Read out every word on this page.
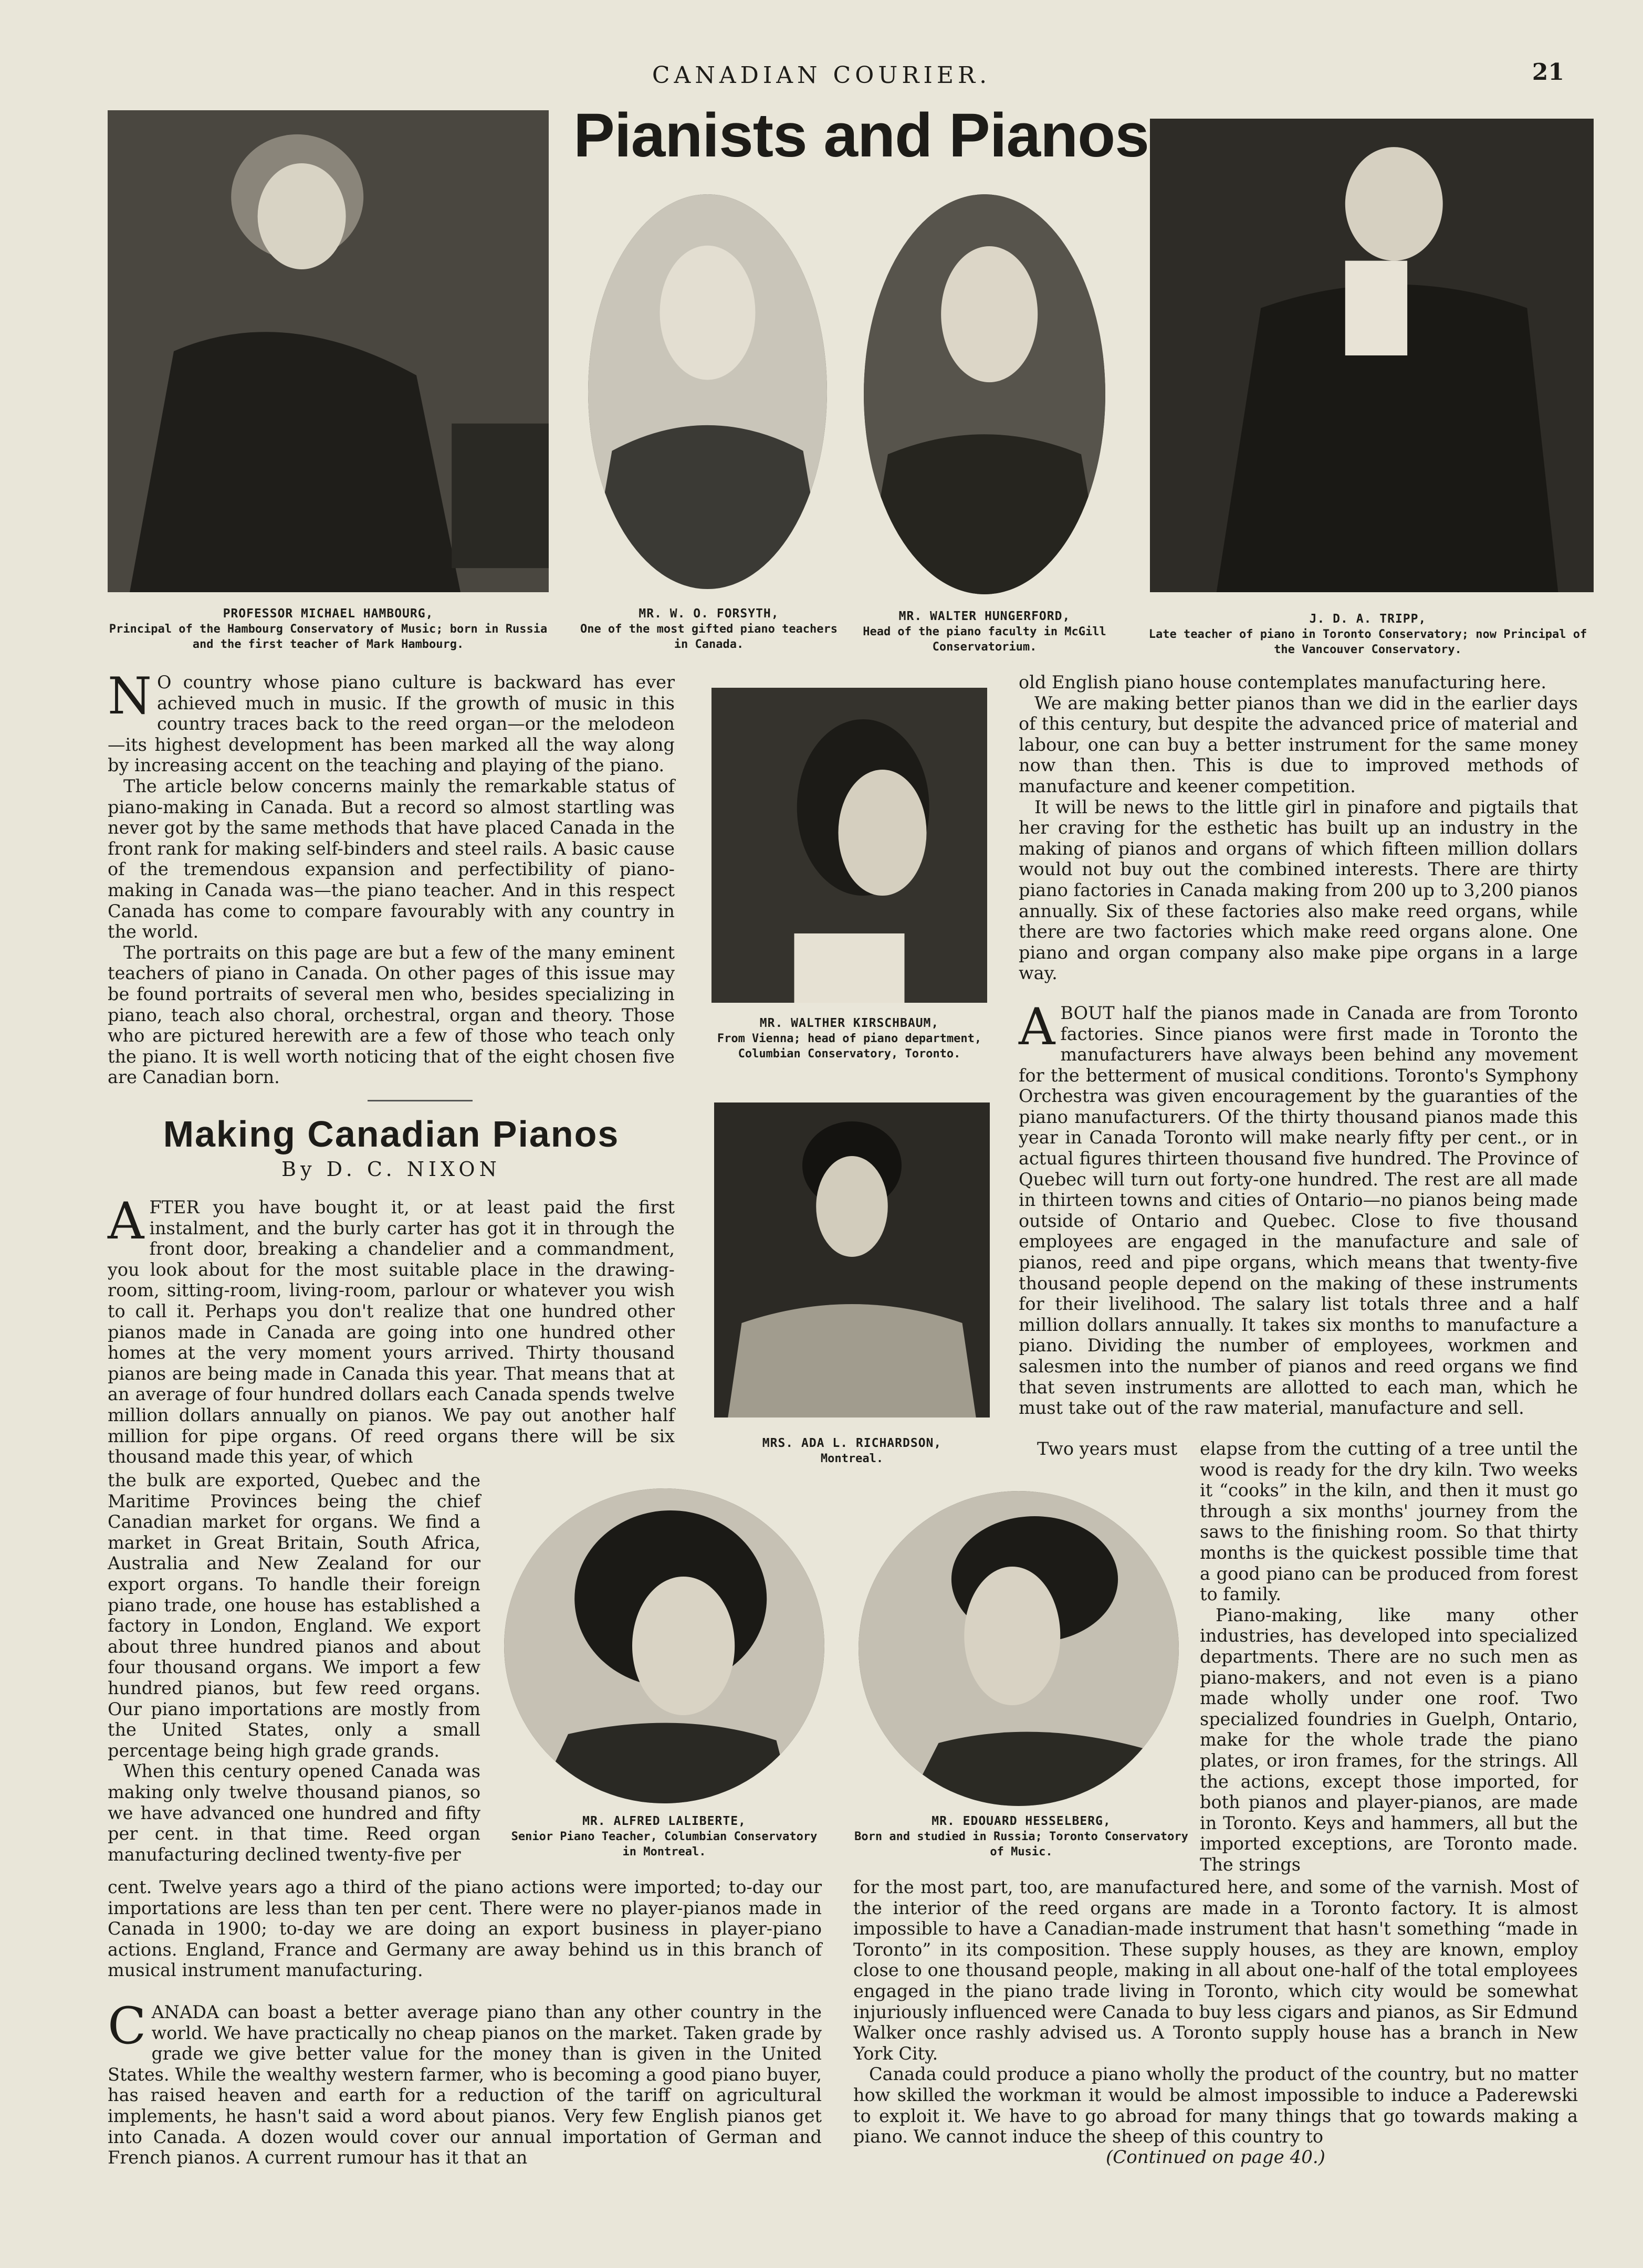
CANADIAN COURIER.	21
Pianists and Pianos
PROFESSOR MICHAEL HAMBOURG,
Principal of the Hambourg Conservatory of Music; born in Russia and the first teacher of Mark Hambourg.
MR. W. O. FORSYTH,
One of the most gifted piano teachers in Canada.
MR. WALTER HUNGERFORD,
Head of the piano faculty in McGill Conservatorium.
J. D. A. TRIPP,
Late teacher of piano in Toronto Conservatory; now Principal of the Vancouver Conservatory.

N O country whose piano culture is backward has ever achieved much in music. If the growth of music in this country traces back to the reed organ—or the melodeon—its highest development has been marked all the way along by increasing accent on the teaching and playing of the piano.

The article below concerns mainly the remarkable status of piano-making in Canada. But a record so almost startling was never got by the same methods that have placed Canada in the front rank for making self-binders and steel rails. A basic cause of the tremendous expansion and perfectibility of piano-making in Canada was—the piano teacher. And in this respect Canada has come to compare favourably with any country in the world.

The portraits on this page are but a few of the many eminent teachers of piano in Canada. On other pages of this issue may be found portraits of several men who, besides specializing in piano, teach also choral, orchestral, organ and theory. Those who are pictured herewith are a few of those who teach only the piano. It is well worth noticing that of the eight chosen five are Canadian born.

Making Canadian Pianos
By D. C. NIXON

AFTER you have bought it, or at least paid the first instalment, and the burly carter has got it in through the front door, breaking a chandelier and a commandment, you look about for the most suitable place in the drawing-room, sitting-room, living-room, parlour or whatever you wish to call it. Perhaps you don't realize that one hundred other pianos made in Canada are going into one hundred other homes at the very moment yours arrived. Thirty thousand pianos are being made in Canada this year. That means that at an average of four hundred dollars each Canada spends twelve million dollars annually on pianos. We pay out another half million for pipe organs. Of reed organs there will be six thousand made this year, of which

the bulk are exported, Quebec and the Maritime Provinces being the chief Canadian market for organs. We find a market in Great Britain, South Africa, Australia and New Zealand for our export organs. To handle their foreign piano trade, one house has established a factory in London, England. We export about three hundred pianos and about four thousand organs. We import a few hundred pianos, but few reed organs. Our piano importations are mostly from the United States, only a small percentage being high grade grands.

When this century opened Canada was making only twelve thousand pianos, so we have advanced one hundred and fifty per cent. in that time. Reed organ manufacturing declined twenty-five per

cent. Twelve years ago a third of the piano actions were imported; to-day our importations are less than ten per cent. There were no player-pianos made in Canada in 1900; to-day we are doing an export business in player-piano actions. England, France and Germany are away behind us in this branch of musical instrument manufacturing.

CANADA can boast a better average piano than any other country in the world. We have practically no cheap pianos on the market. Taken grade by grade we give better value for the money than is given in the United States. While the wealthy western farmer, who is becoming a good piano buyer, has raised heaven and earth for a reduction of the tariff on agricultural implements, he hasn't said a word about pianos. Very few English pianos get into Canada. A dozen would cover our annual importation of German and French pianos. A current rumour has it that an

MR. WALTHER KIRSCHBAUM,
From Vienna; head of piano department, Columbian Conservatory, Toronto.
MRS. ADA L. RICHARDSON,
Montreal.
MR. ALFRED LALIBERTE,
Senior Piano Teacher, Columbian Conservatory in Montreal.
MR. EDOUARD HESSELBERG,
Born and studied in Russia; Toronto Conservatory of Music.

old English piano house contemplates manufacturing here.

We are making better pianos than we did in the earlier days of this century, but despite the advanced price of material and labour, one can buy a better instrument for the same money now than then. This is due to improved methods of manufacture and keener competition.

It will be news to the little girl in pinafore and pigtails that her craving for the esthetic has built up an industry in the making of pianos and organs of which fifteen million dollars would not buy out the combined interests. There are thirty piano factories in Canada making from 200 up to 3,200 pianos annually. Six of these factories also make reed organs, while there are two factories which make reed organs alone. One piano and organ company also make pipe organs in a large way.

ABOUT half the pianos made in Canada are from Toronto factories. Since pianos were first made in Toronto the manufacturers have always been behind any movement for the betterment of musical conditions. Toronto's Symphony Orchestra was given encouragement by the guaranties of the piano manufacturers. Of the thirty thousand pianos made this year in Canada Toronto will make nearly fifty per cent., or in actual figures thirteen thousand five hundred. The Province of Quebec will turn out forty-one hundred. The rest are all made in thirteen towns and cities of Ontario—no pianos being made outside of Ontario and Quebec. Close to five thousand employees are engaged in the manufacture and sale of pianos, reed and pipe organs, which means that twenty-five thousand people depend on the making of these instruments for their livelihood. The salary list totals three and a half million dollars annually. It takes six months to manufacture a piano. Dividing the number of employees, workmen and salesmen into the number of pianos and reed organs we find that seven instruments are allotted to each man, which he must take out of the raw material, manufacture and sell.

Two years must	elapse from the cutting of a tree until the wood is ready for the dry kiln. Two weeks it “cooks” in the kiln, and then it must go through a six months' journey from the saws to the finishing room. So that thirty months is the quickest possible time that a good piano can be produced from forest to family.

Piano-making, like many other industries, has developed into specialized departments. There are no such men as piano-makers, and not even is a piano made wholly under one roof. Two specialized foundries in Guelph, Ontario, make for the whole trade the piano plates, or iron frames, for the strings. All the actions, except those imported, for both pianos and player-pianos, are made in Toronto. Keys and hammers, all but the imported exceptions, are Toronto made. The strings

for the most part, too, are manufactured here, and some of the varnish. Most of the interior of the reed organs are made in a Toronto factory. It is almost impossible to have a Canadian-made instrument that hasn't something “made in Toronto” in its composition. These supply houses, as they are known, employ close to one thousand people, making in all about one-half of the total employees engaged in the piano trade living in Toronto, which city would be somewhat injuriously influenced were Canada to buy less cigars and pianos, as Sir Edmund Walker once rashly advised us. A Toronto supply house has a branch in New York City.

Canada could produce a piano wholly the product of the country, but no matter how skilled the workman it would be almost impossible to induce a Paderewski to exploit it. We have to go abroad for many things that go towards making a piano. We cannot induce the sheep of this country to

(Continued on page 40.)
